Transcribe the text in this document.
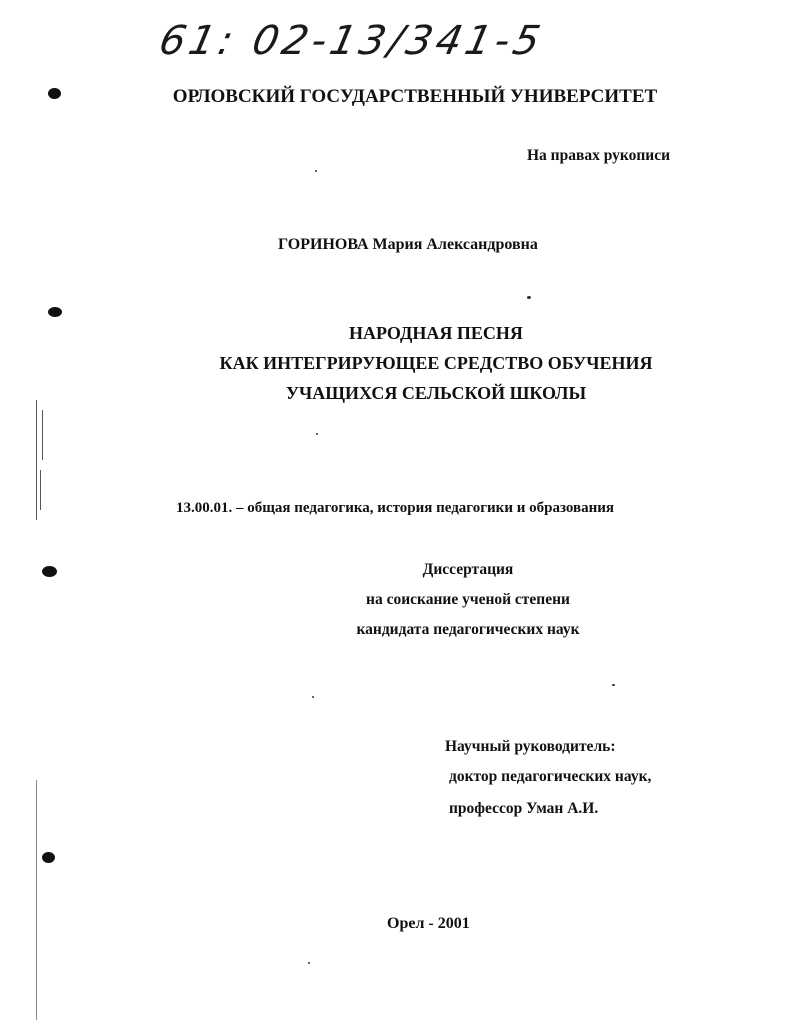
61: 02-13/341-5
ОРЛОВСКИЙ ГОСУДАРСТВЕННЫЙ УНИВЕРСИТЕТ
На правах рукописи
ГОРИНОВА Мария Александровна
НАРОДНАЯ ПЕСНЯ
КАК ИНТЕГРИРУЮЩЕЕ СРЕДСТВО ОБУЧЕНИЯ
УЧАЩИХСЯ СЕЛЬСКОЙ ШКОЛЫ
13.00.01. – общая педагогика, история педагогики и образования
Диссертация
на соискание ученой степени
кандидата педагогических наук
Научный руководитель:
доктор педагогических наук,
профессор Уман А.И.
Орел - 2001
